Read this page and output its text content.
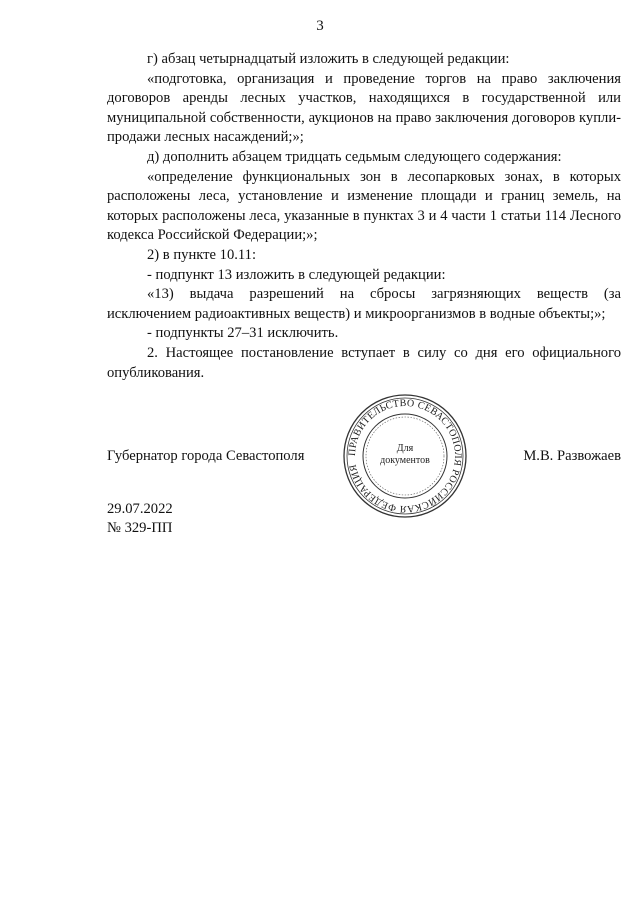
3

г) абзац четырнадцатый изложить в следующей редакции:

«подготовка, организация и проведение торгов на право заключения договоров аренды лесных участков, находящихся в государственной или муниципальной собственности, аукционов на право заключения договоров купли-продажи лесных насаждений;»;

д) дополнить абзацем тридцать седьмым следующего содержания:

«определение функциональных зон в лесопарковых зонах, в которых расположены леса, установление и изменение площади и границ земель, на которых расположены леса, указанные в пунктах 3 и 4 части 1 статьи 114 Лесного кодекса Российской Федерации;»;

2) в пункте 10.11:

- подпункт 13 изложить в следующей редакции:

«13) выдача разрешений на сбросы загрязняющих веществ (за исключением радиоактивных веществ) и микроорганизмов в водные объекты;»;

- подпункты 27–31 исключить.

2. Настоящее постановление вступает в силу со дня его официального опубликования.

Губернатор города Севастополя	М.В. Развожаев
ПРАВИТЕЛЬСТВО СЕВАСТОПОЛЯ РОССИЙСКАЯ ФЕДЕРАЦИЯ
Для
документов
29.07.2022
№ 329-ПП
